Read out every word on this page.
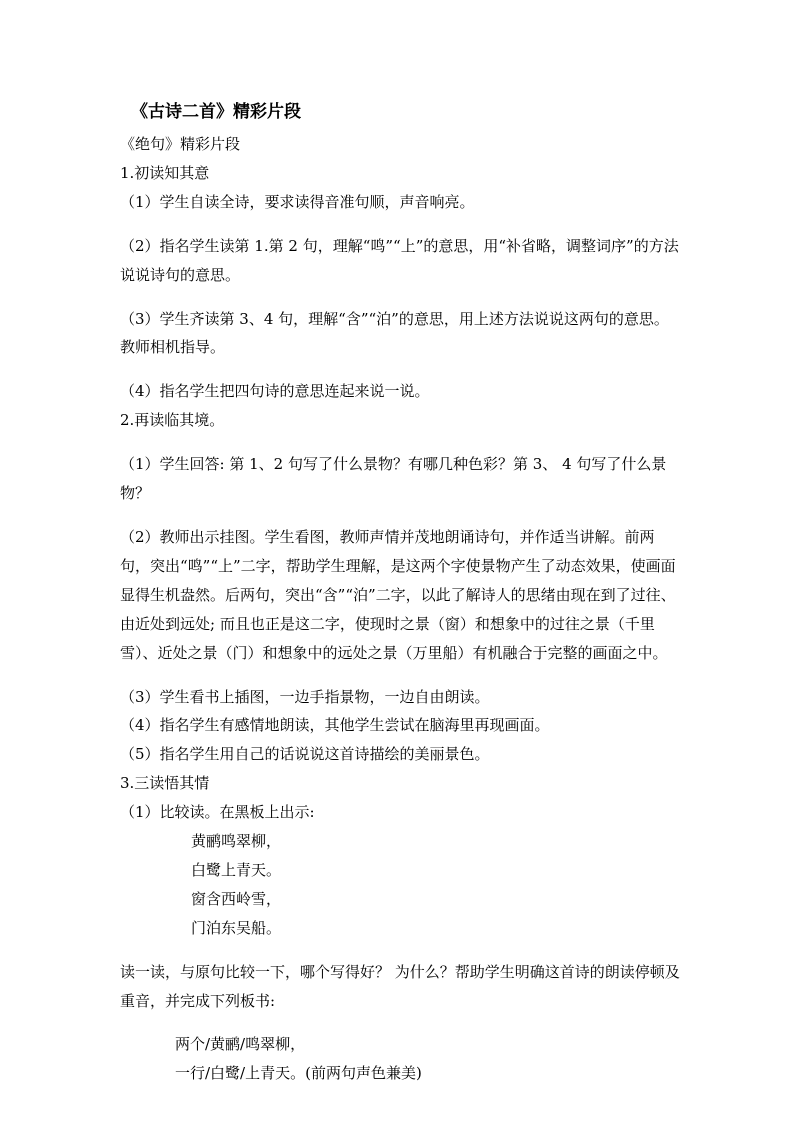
《古诗二首》精彩片段

《绝句》精彩片段

1.初读知其意

（1）学生自读全诗，要求读得音准句顺，声音响亮。

（2）指名学生读第 1.第 2 句，理解“鸣”“上”的意思，用“补省略，调整词序”的方法说说诗句的意思。

（3）学生齐读第 3、4 句，理解“含”“泊”的意思，用上述方法说说这两句的意思。教师相机指导。

（4）指名学生把四句诗的意思连起来说一说。

2.再读临其境。

（1）学生回答: 第 1、2 句写了什么景物？有哪几种色彩？第 3、 4 句写了什么景物？

（2）教师出示挂图。学生看图，教师声情并茂地朗诵诗句，并作适当讲解。前两句，突出“鸣”“上”二字，帮助学生理解，是这两个字使景物产生了动态效果，使画面显得生机盎然。后两句，突出“含”“泊”二字，以此了解诗人的思绪由现在到了过往、由近处到远处; 而且也正是这二字，使现时之景（窗）和想象中的过往之景（千里雪）、近处之景（门）和想象中的远处之景（万里船）有机融合于完整的画面之中。

（3）学生看书上插图，一边手指景物，一边自由朗读。

（4）指名学生有感情地朗读，其他学生尝试在脑海里再现画面。

（5）指名学生用自己的话说说这首诗描绘的美丽景色。

3.三读悟其情

（1）比较读。在黑板上出示:

黄鹂鸣翠柳，

白鹭上青天。

窗含西岭雪，

门泊东吴船。

读一读，与原句比较一下，哪个写得好？ 为什么？帮助学生明确这首诗的朗读停顿及重音，并完成下列板书:

两个/黄鹂/鸣翠柳，

一行/白鹭/上青天。(前两句声色兼美)
